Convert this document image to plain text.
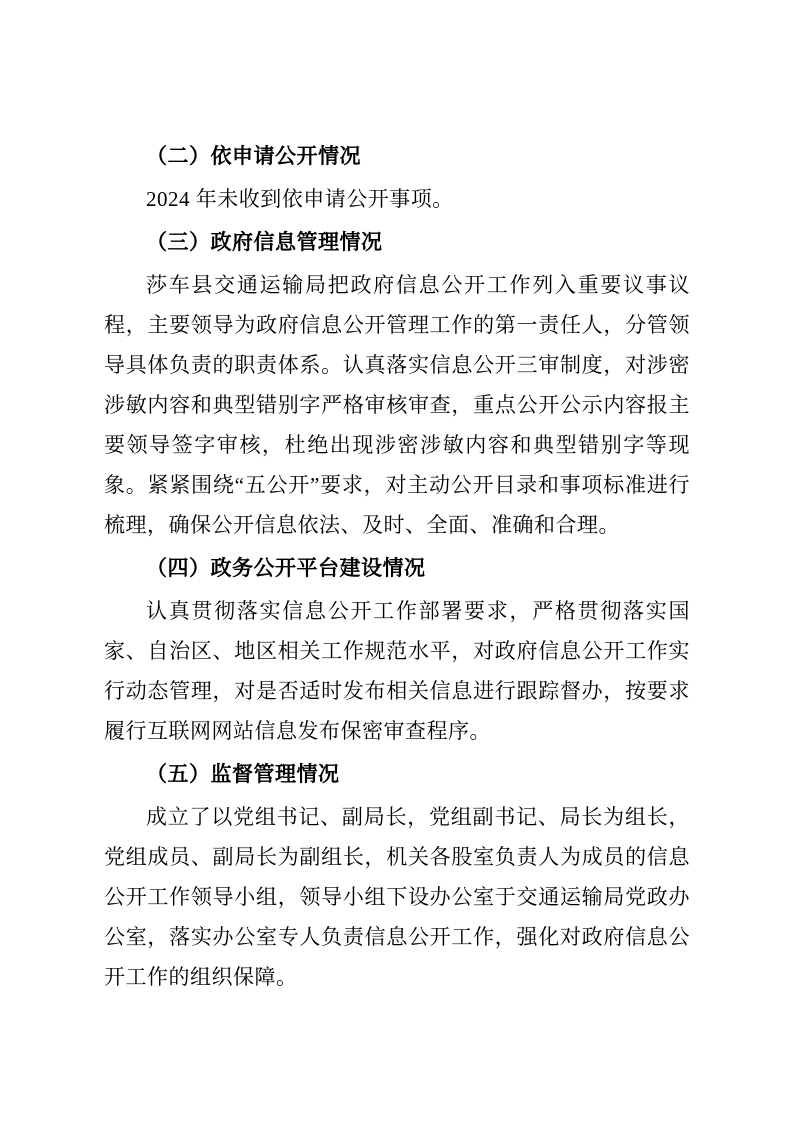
（二）依申请公开情况

2024 年未收到依申请公开事项。

（三）政府信息管理情况

莎车县交通运输局把政府信息公开工作列入重要议事议程，主要领导为政府信息公开管理工作的第一责任人，分管领导具体负责的职责体系。认真落实信息公开三审制度，对涉密涉敏内容和典型错别字严格审核审查，重点公开公示内容报主要领导签字审核，杜绝出现涉密涉敏内容和典型错别字等现象。紧紧围绕“五公开”要求，对主动公开目录和事项标准进行梳理，确保公开信息依法、及时、全面、准确和合理。

（四）政务公开平台建设情况

认真贯彻落实信息公开工作部署要求，严格贯彻落实国家、自治区、地区相关工作规范水平，对政府信息公开工作实行动态管理，对是否适时发布相关信息进行跟踪督办，按要求履行互联网网站信息发布保密审查程序。

（五）监督管理情况

成立了以党组书记、副局长，党组副书记、局长为组长，党组成员、副局长为副组长，机关各股室负责人为成员的信息公开工作领导小组，领导小组下设办公室于交通运输局党政办公室，落实办公室专人负责信息公开工作，强化对政府信息公开工作的组织保障。
